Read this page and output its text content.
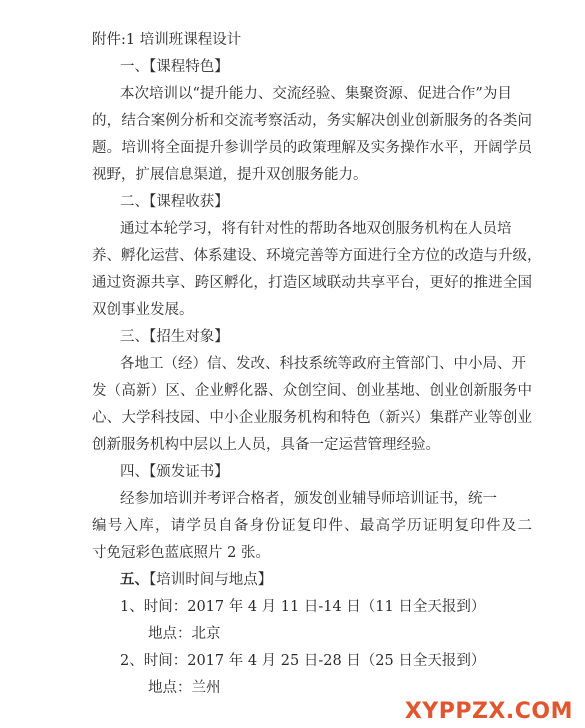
附件:1 培训班课程设计
一、【课程特色】
本次培训以“提升能力、交流经验、集聚资源、促进合作”为目
的，结合案例分析和交流考察活动，务实解决创业创新服务的各类问
题。培训将全面提升参训学员的政策理解及实务操作水平，开阔学员
视野，扩展信息渠道，提升双创服务能力。
二、【课程收获】
通过本轮学习，将有针对性的帮助各地双创服务机构在人员培
养、孵化运营、体系建设、环境完善等方面进行全方位的改造与升级，
通过资源共享、跨区孵化，打造区域联动共享平台，更好的推进全国
双创事业发展。
三、【招生对象】
各地工（经）信、发改、科技系统等政府主管部门、中小局、开
发（高新）区、企业孵化器、众创空间、创业基地、创业创新服务中
心、大学科技园、中小企业服务机构和特色（新兴）集群产业等创业
创新服务机构中层以上人员，具备一定运营管理经验。
四、【颁发证书】
经参加培训并考评合格者，颁发创业辅导师培训证书，统一
编号入库，请学员自备身份证复印件、最高学历证明复印件及二
寸免冠彩色蓝底照片 2 张。
五、【培训时间与地点】
1、时间：2017 年 4 月 11 日-14 日（11 日全天报到）
地点：北京
2、时间：2017 年 4 月 25 日-28 日（25 日全天报到）
地点：兰州
XYPPZX.COM
